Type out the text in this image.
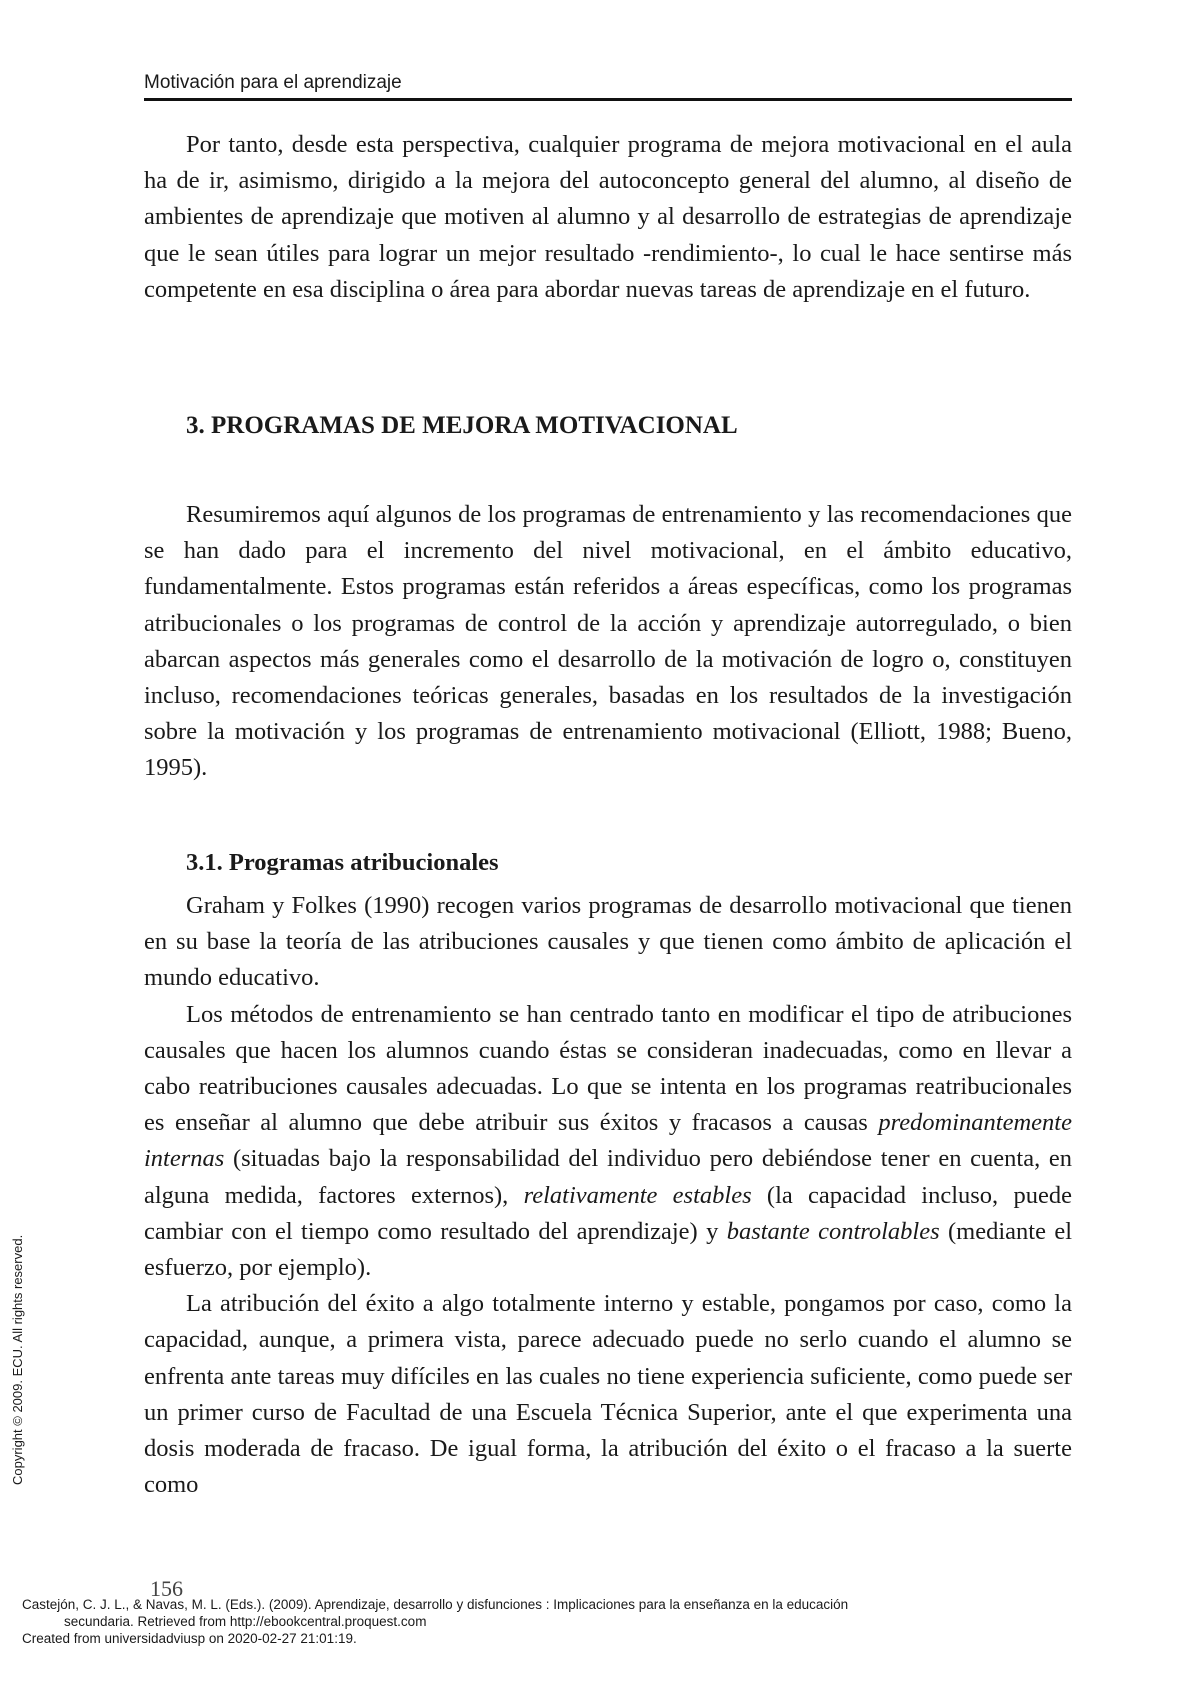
Motivación para el aprendizaje

Por tanto, desde esta perspectiva, cualquier programa de mejora motivacional en el aula ha de ir, asimismo, dirigido a la mejora del autoconcepto general del alumno, al diseño de ambientes de aprendizaje que motiven al alumno y al desarrollo de estrategias de aprendizaje que le sean útiles para lograr un mejor resultado -rendimiento-, lo cual le hace sentirse más competente en esa disciplina o área para abordar nuevas tareas de aprendizaje en el futuro.

3. PROGRAMAS DE MEJORA MOTIVACIONAL

Resumiremos aquí algunos de los programas de entrenamiento y las recomendaciones que se han dado para el incremento del nivel motivacional, en el ámbito educativo, fundamentalmente. Estos programas están referidos a áreas específicas, como los programas atribucionales o los programas de control de la acción y aprendizaje autorregulado, o bien abarcan aspectos más generales como el desarrollo de la motivación de logro o, constituyen incluso, recomendaciones teóricas generales, basadas en los resultados de la investigación sobre la motivación y los programas de entrenamiento motivacional (Elliott, 1988; Bueno, 1995).

3.1. Programas atribucionales

Graham y Folkes (1990) recogen varios programas de desarrollo motivacional que tienen en su base la teoría de las atribuciones causales y que tienen como ámbito de aplicación el mundo educativo.

Los métodos de entrenamiento se han centrado tanto en modificar el tipo de atribuciones causales que hacen los alumnos cuando éstas se consideran inadecuadas, como en llevar a cabo reatribuciones causales adecuadas. Lo que se intenta en los programas reatribucionales es enseñar al alumno que debe atribuir sus éxitos y fracasos a causas predominantemente internas (situadas bajo la responsabilidad del individuo pero debiéndose tener en cuenta, en alguna medida, factores externos), relativamente estables (la capacidad incluso, puede cambiar con el tiempo como resultado del aprendizaje) y bastante controlables (mediante el esfuerzo, por ejemplo).

La atribución del éxito a algo totalmente interno y estable, pongamos por caso, como la capacidad, aunque, a primera vista, parece adecuado puede no serlo cuando el alumno se enfrenta ante tareas muy difíciles en las cuales no tiene experiencia suficiente, como puede ser un primer curso de Facultad de una Escuela Técnica Superior, ante el que experimenta una dosis moderada de fracaso. De igual forma, la atribución del éxito o el fracaso a la suerte como

Copyright © 2009. ECU. All rights reserved.
156
Castejón, C. J. L., & Navas, M. L. (Eds.). (2009). Aprendizaje, desarrollo y disfunciones : Implicaciones para la enseñanza en la educación
secundaria. Retrieved from http://ebookcentral.proquest.com
Created from universidadviusp on 2020-02-27 21:01:19.
